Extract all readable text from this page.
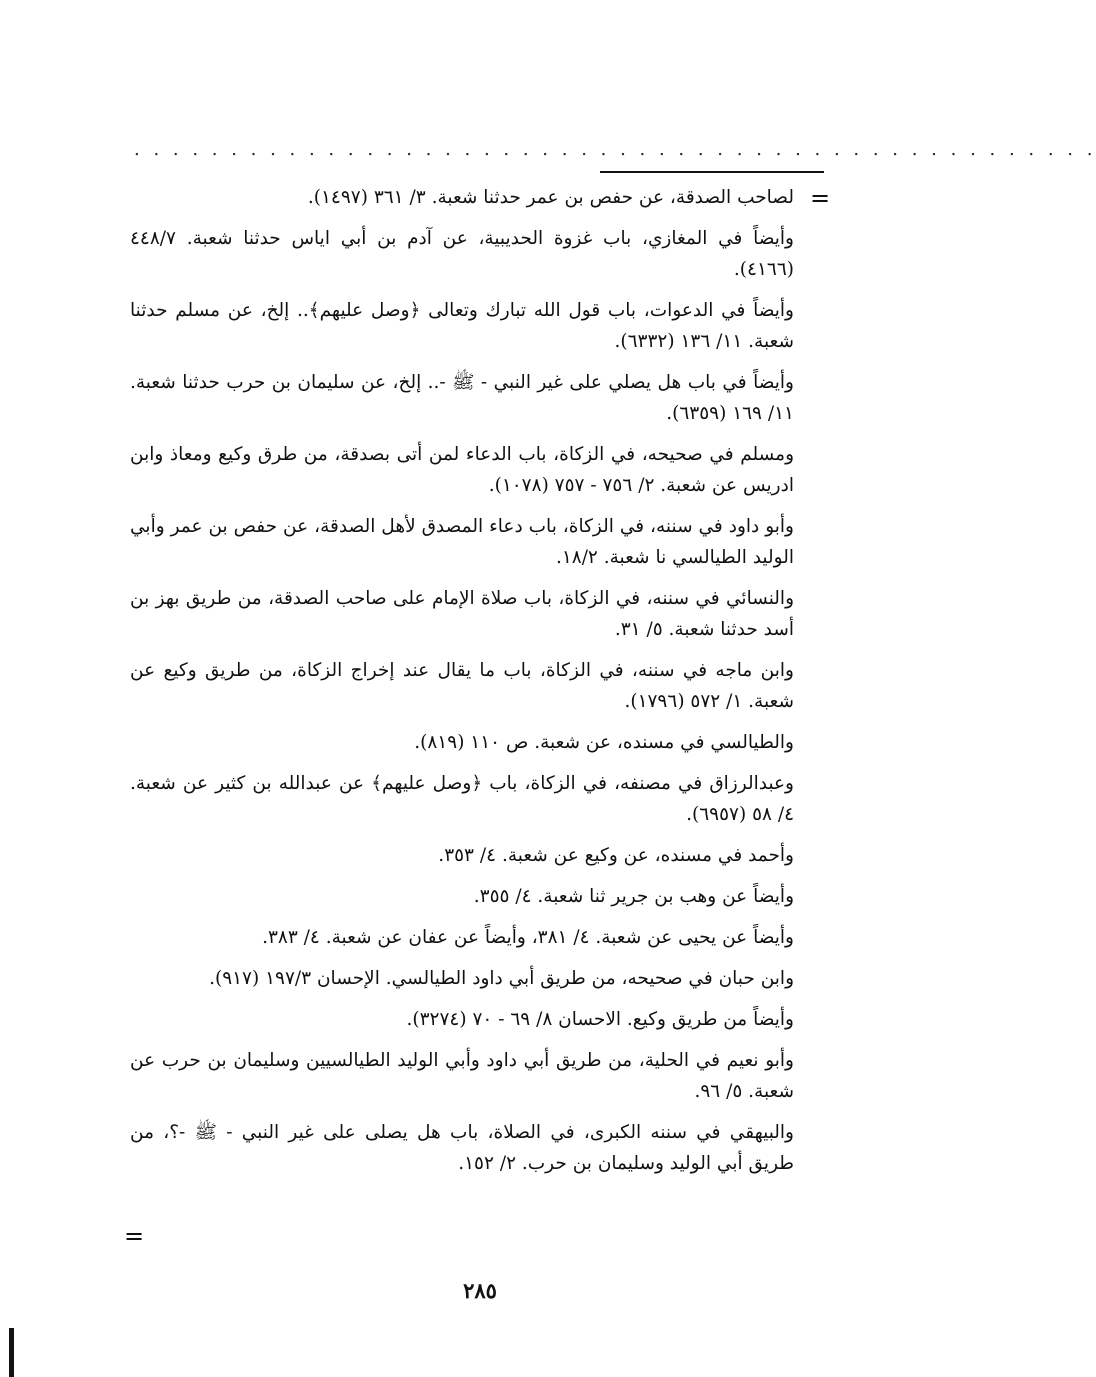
. . . . . . . . . . . . . . . . . . . . . . . . . . . . . . . . . . . . . . . . . . . . . . . . . .
=

لصاحب الصدقة، عن حفص بن عمر حدثنا شعبة. ٣/ ٣٦١ (١٤٩٧).

وأيضاً في المغازي، باب غزوة الحديبية، عن آدم بن أبي اياس حدثنا شعبة. ٤٤٨/٧ (٤١٦٦).

وأيضاً في الدعوات، باب قول الله تبارك وتعالى ﴿وصل عليهم﴾.. إلخ، عن مسلم حدثنا شعبة. ١١/ ١٣٦ (٦٣٣٢).

وأيضاً في باب هل يصلي على غير النبي - ﷺ -.. إلخ، عن سليمان بن حرب حدثنا شعبة. ١١/ ١٦٩ (٦٣٥٩).

ومسلم في صحيحه، في الزكاة، باب الدعاء لمن أتى بصدقة، من طرق وكيع ومعاذ وابن ادريس عن شعبة. ٢/ ٧٥٦ - ٧٥٧ (١٠٧٨).

وأبو داود في سننه، في الزكاة، باب دعاء المصدق لأهل الصدقة، عن حفص بن عمر وأبي الوليد الطيالسي نا شعبة. ١٨/٢.

والنسائي في سننه، في الزكاة، باب صلاة الإمام على صاحب الصدقة، من طريق بهز بن أسد حدثنا شعبة. ٥/ ٣١.

وابن ماجه في سننه، في الزكاة، باب ما يقال عند إخراج الزكاة، من طريق وكيع عن شعبة. ١/ ٥٧٢ (١٧٩٦).

والطيالسي في مسنده، عن شعبة. ص ١١٠ (٨١٩).

وعبدالرزاق في مصنفه، في الزكاة، باب ﴿وصل عليهم﴾ عن عبدالله بن كثير عن شعبة. ٤/ ٥٨ (٦٩٥٧).

وأحمد في مسنده، عن وكيع عن شعبة. ٤/ ٣٥٣.

وأيضاً عن وهب بن جرير ثنا شعبة. ٤/ ٣٥٥.

وأيضاً عن يحيى عن شعبة. ٤/ ٣٨١، وأيضاً عن عفان عن شعبة. ٤/ ٣٨٣.

وابن حبان في صحيحه، من طريق أبي داود الطيالسي. الإحسان ١٩٧/٣ (٩١٧).

وأيضاً من طريق وكيع. الاحسان ٨/ ٦٩ - ٧٠ (٣٢٧٤).

وأبو نعيم في الحلية، من طريق أبي داود وأبي الوليد الطيالسيين وسليمان بن حرب عن شعبة. ٥/ ٩٦.

والبيهقي في سننه الكبرى، في الصلاة، باب هل يصلى على غير النبي - ﷺ -؟، من طريق أبي الوليد وسليمان بن حرب. ٢/ ١٥٢.

=
٢٨٥
